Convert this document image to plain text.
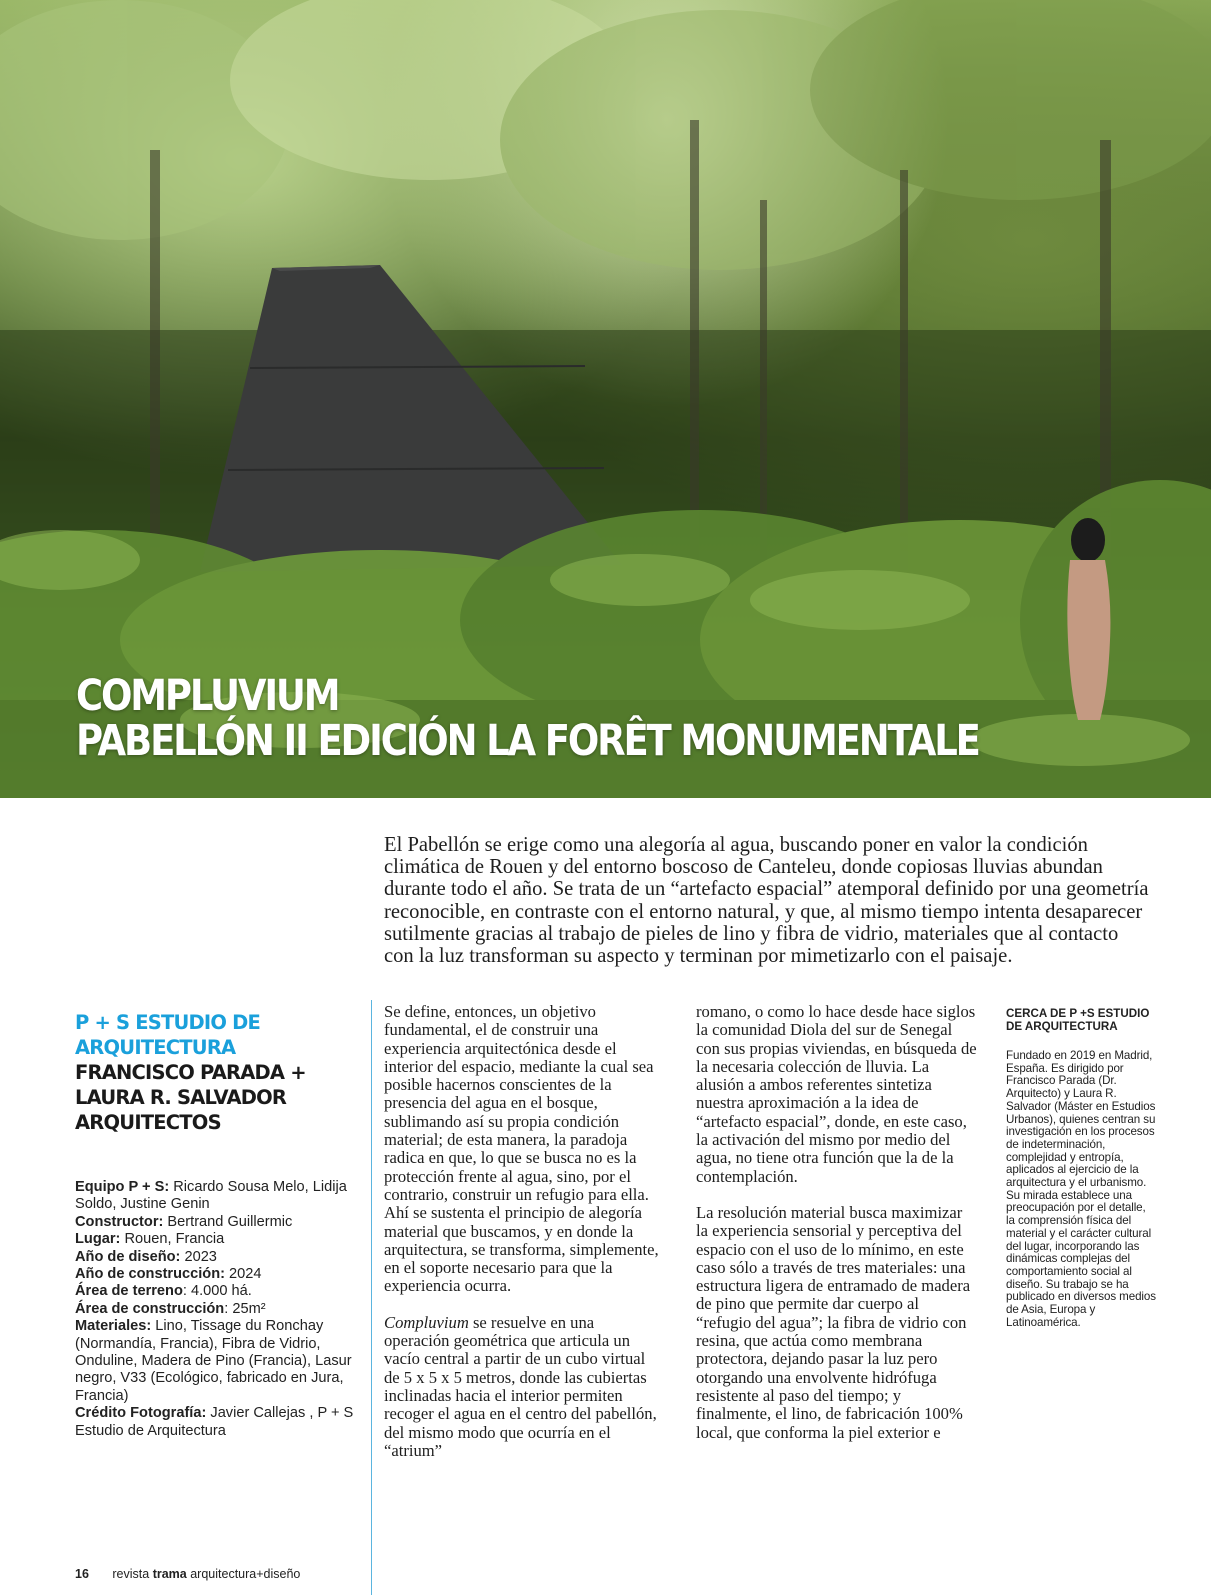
COMPLUVIUM
PABELLÓN II EDICIÓN LA FORÊT MONUMENTALE
El Pabellón se erige como una alegoría al agua, buscando poner en valor la condición climática de Rouen y del entorno boscoso de Canteleu, donde copiosas lluvias abundan durante todo el año. Se trata de un “artefacto espacial” atemporal definido por una geometría reconocible, en contraste con el entorno natural, y que, al mismo tiempo intenta desaparecer sutilmente gracias al trabajo de pieles de lino y fibra de vidrio, materiales que al contacto con la luz transforman su aspecto y terminan por mimetizarlo con el paisaje.
P + S ESTUDIO DE ARQUITECTURA
FRANCISCO PARADA + LAURA R. SALVADOR ARQUITECTOS
Equipo P + S: Ricardo Sousa Melo, Lidija Soldo, Justine Genin
Constructor: Bertrand Guillermic
Lugar: Rouen, Francia
Año de diseño: 2023
Año de construcción: 2024
Área de terreno: 4.000 há.
Área de construcción: 25m²
Materiales: Lino, Tissage du Ronchay (Normandía, Francia), Fibra de Vidrio, Onduline, Madera de Pino (Francia), Lasur negro, V33 (Ecológico, fabricado en Jura, Francia)
Crédito Fotografía: Javier Callejas , P + S Estudio de Arquitectura

Se define, entonces, un objetivo fundamental, el de construir una experiencia arquitectónica desde el interior del espacio, mediante la cual sea posible hacernos conscientes de la presencia del agua en el bosque, sublimando así su propia condición material; de esta manera, la paradoja radica en que, lo que se busca no es la protección frente al agua, sino, por el contrario, construir un refugio para ella. Ahí se sustenta el principio de alegoría material que buscamos, y en donde la arquitectura, se transforma, simplemente, en el soporte necesario para que la experiencia ocurra.

Compluvium se resuelve en una operación geométrica que articula un vacío central a partir de un cubo virtual de 5 x 5 x 5 metros, donde las cubiertas inclinadas hacia el interior permiten recoger el agua en el centro del pabellón, del mismo modo que ocurría en el “atrium”

romano, o como lo hace desde hace siglos la comunidad Diola del sur de Senegal con sus propias viviendas, en búsqueda de la necesaria colección de lluvia. La alusión a ambos referentes sintetiza nuestra aproximación a la idea de “artefacto espacial”, donde, en este caso, la activación del mismo por medio del agua, no tiene otra función que la de la contemplación.

La resolución material busca maximizar la experiencia sensorial y perceptiva del espacio con el uso de lo mínimo, en este caso sólo a través de tres materiales: una estructura ligera de entramado de madera de pino que permite dar cuerpo al “refugio del agua”; la fibra de vidrio con resina, que actúa como membrana protectora, dejando pasar la luz pero otorgando una envolvente hidrófuga resistente al paso del tiempo; y finalmente, el lino, de fabricación 100% local, que conforma la piel exterior e

CERCA DE P +S ESTUDIO DE ARQUITECTURA
Fundado en 2019 en Madrid, España. Es dirigido por Francisco Parada (Dr. Arquitecto) y Laura R. Salvador (Máster en Estudios Urbanos), quienes centran su investigación en los procesos de indeterminación, complejidad y entropía, aplicados al ejercicio de la arquitectura y el urbanismo. Su mirada establece una preocupación por el detalle, la comprensión física del material y el carácter cultural del lugar, incorporando las dinámicas complejas del comportamiento social al diseño. Su trabajo se ha publicado en diversos medios de Asia, Europa y Latinoamérica.
16 revista trama arquitectura+diseño
